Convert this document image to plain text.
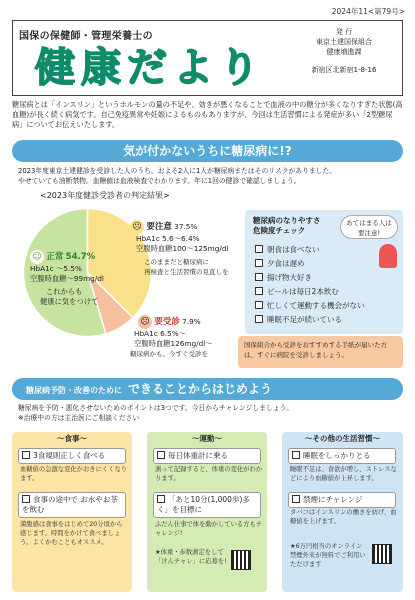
2024年11<第79号>
国保の保健師・管理栄養士の
健康だより
発 行
東京土建国保組合
健康増進課
新宿区北新宿1-8-16
糖尿病とは「インスリン」というホルモンの量の不足や、効きが悪くなることで血液の中の糖分が多くなりすぎた状態(高血糖)が長く続く病気です。自己免疫異常や妊娠によるものもありますが、今回は生活習慣による発症が多い「2型糖尿病」についてお伝えいたします。
気が付かないうちに糖尿病に!?
2023年度東京土建健診を受診した人のうち、およそ2人に1人が糖尿病またはそのリスクがありました。
やせていても油断禁物。血糖値は血液検査でわかります。年に1回の健診で確認しましょう。
<2023年度健診受診者の判定結果>
☺ 正常 54.7%
HbA1c ～5.5%
空腹時血糖～99mg/dl
これからも
健康に気をつけて
☹ 要注意 37.5%
HbA1c 5.6～6.4%
空腹時血糖100～125mg/dl
このままだと糖尿病に
再検査と生活習慣の見直しを
☹ 要受診 7.9%
HbA1c 6.5%～
空腹時血糖126mg/dl～
糖尿病かも。今すぐ受診を
糖尿病のなりやすさ
危険度チェック
あてはまる人は
要注意!
朝食は食べない
夕食は遅め
揚げ物大好き
ビールは毎日2本飲む
忙しくて運動する機会がない
睡眠不足が続いている
国保組合から受診をおすすめする手紙が届いた方は、すぐに病院を受診しましょう。
糖尿病予防・改善のために できることからはじめよう
糖尿病を予防・悪化させないためのポイントは3つです。今日からチャレンジしましょう。
※治療中の方は主治医にご相談ください
～食事～
3食規則正しく食べる
血糖値の急激な変化がおきにくくなります。
食事の途中で お水やお茶を飲む
満腹感は食事をはじめて20分頃から感じます。時間をかけて食べましょう。よくかむこともオススメ。
～運動～
毎日体重計に乗る
測って記録すると、体重の変化がわかります。
「あと10分(1,000歩)多く」を目標に
ふだん仕事で体を動かしている方もチャレンジ!
★体重・歩数測定をして「けんチャレ」に応募を!
～その他の生活習慣～
睡眠をしっかりとる
睡眠不足は、食欲が増し、ストレスなどにより血糖値が上昇します。
禁煙にチャレンジ
タバコはインスリンの働きを妨げ、血糖値を上げます。
★6万円相当のオンライン禁煙外来が無料でご利用いただけます
